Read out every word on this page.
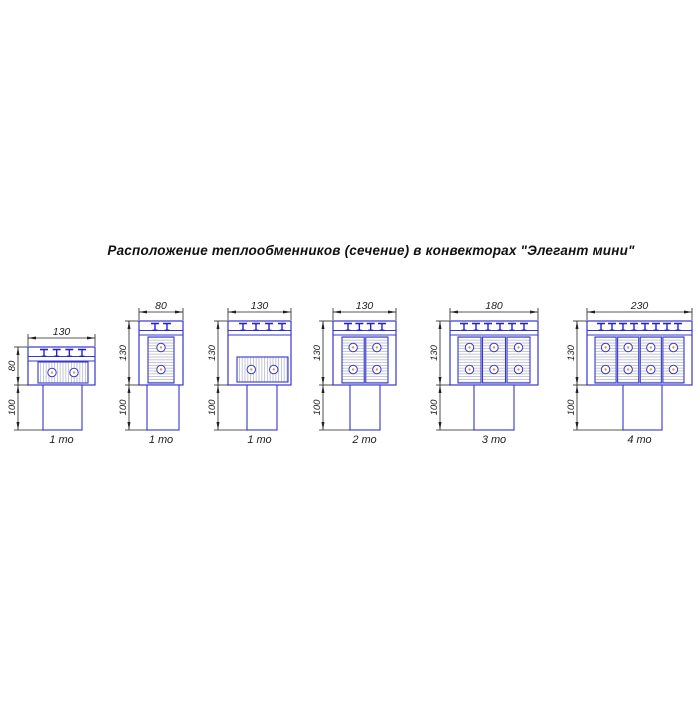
130
80
100
1 то
80
130
100
1 то
130
130
100
1 то
130
130
100
2 то
180
130
100
3 то
230
130
100
4 то
Расположение теплообменников (сечение) в конвекторах "Элегант мини"
